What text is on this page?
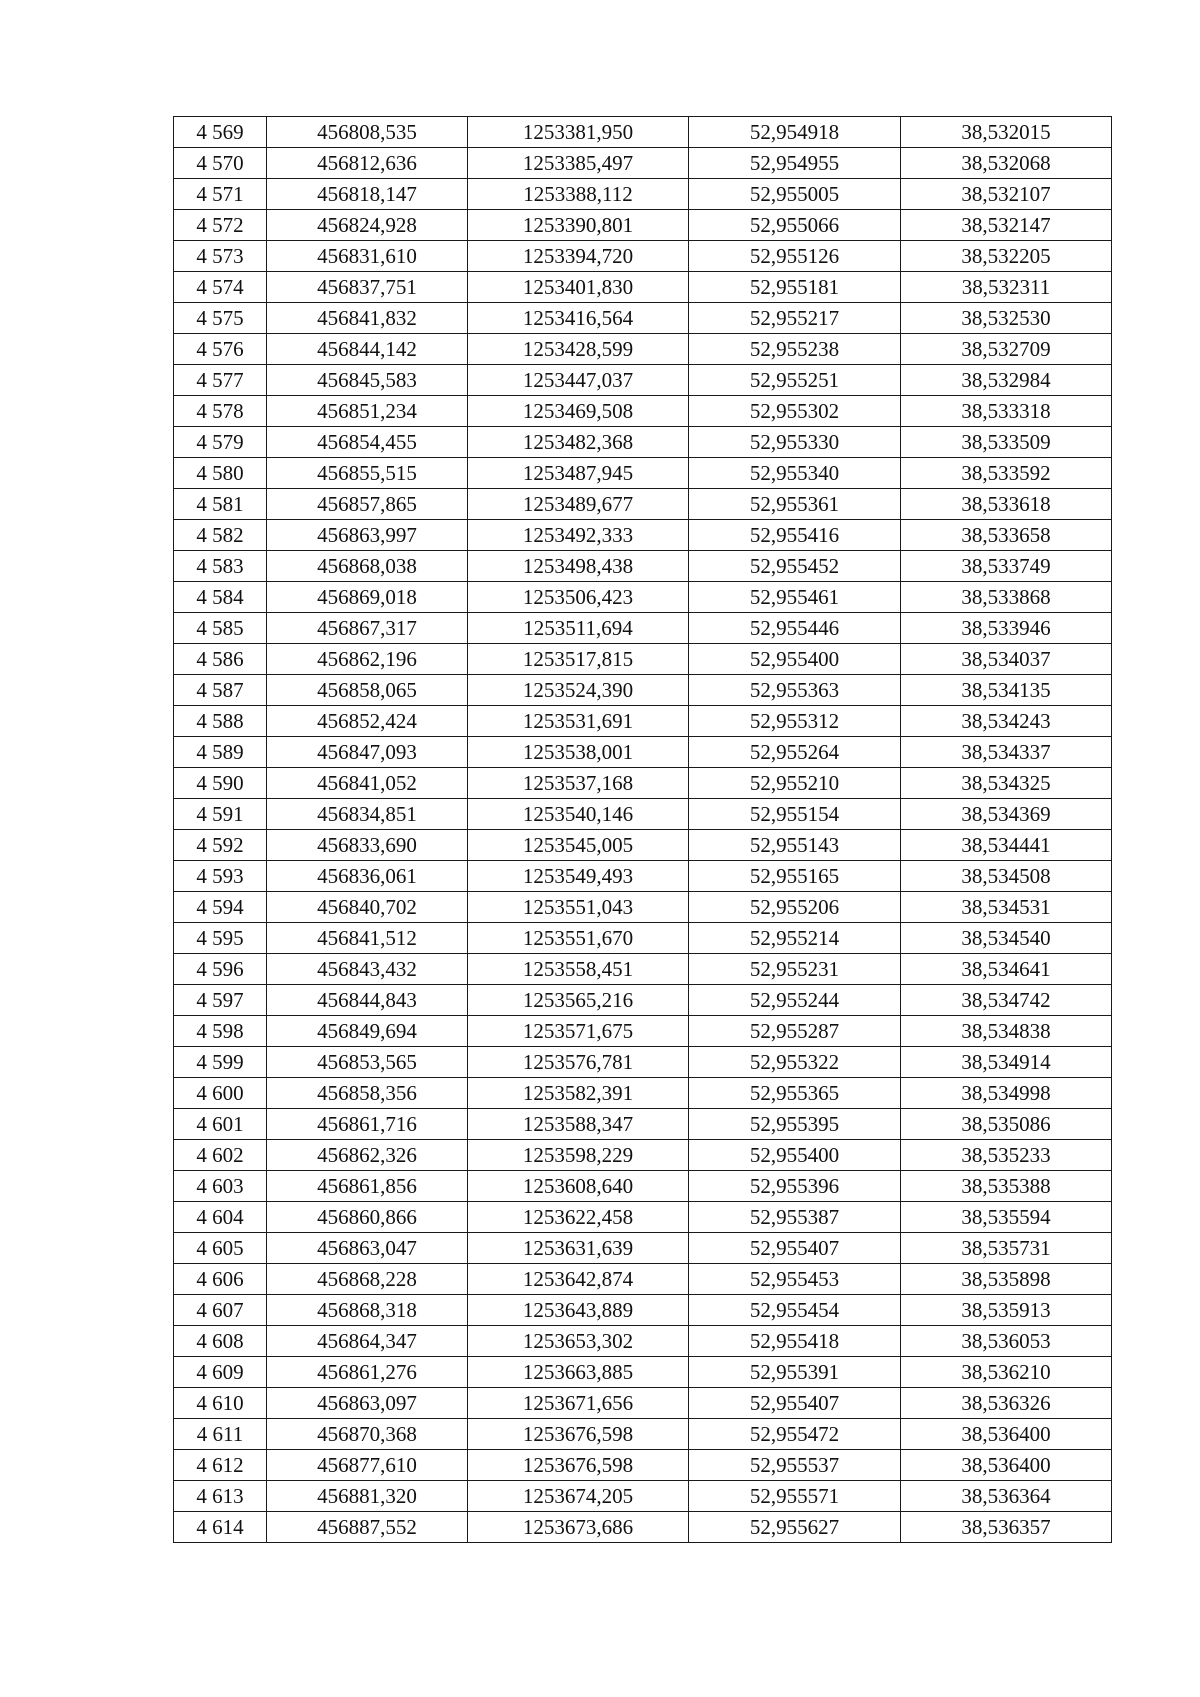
4 569	456808,535	1253381,950	52,954918	38,532015
4 570	456812,636	1253385,497	52,954955	38,532068
4 571	456818,147	1253388,112	52,955005	38,532107
4 572	456824,928	1253390,801	52,955066	38,532147
4 573	456831,610	1253394,720	52,955126	38,532205
4 574	456837,751	1253401,830	52,955181	38,532311
4 575	456841,832	1253416,564	52,955217	38,532530
4 576	456844,142	1253428,599	52,955238	38,532709
4 577	456845,583	1253447,037	52,955251	38,532984
4 578	456851,234	1253469,508	52,955302	38,533318
4 579	456854,455	1253482,368	52,955330	38,533509
4 580	456855,515	1253487,945	52,955340	38,533592
4 581	456857,865	1253489,677	52,955361	38,533618
4 582	456863,997	1253492,333	52,955416	38,533658
4 583	456868,038	1253498,438	52,955452	38,533749
4 584	456869,018	1253506,423	52,955461	38,533868
4 585	456867,317	1253511,694	52,955446	38,533946
4 586	456862,196	1253517,815	52,955400	38,534037
4 587	456858,065	1253524,390	52,955363	38,534135
4 588	456852,424	1253531,691	52,955312	38,534243
4 589	456847,093	1253538,001	52,955264	38,534337
4 590	456841,052	1253537,168	52,955210	38,534325
4 591	456834,851	1253540,146	52,955154	38,534369
4 592	456833,690	1253545,005	52,955143	38,534441
4 593	456836,061	1253549,493	52,955165	38,534508
4 594	456840,702	1253551,043	52,955206	38,534531
4 595	456841,512	1253551,670	52,955214	38,534540
4 596	456843,432	1253558,451	52,955231	38,534641
4 597	456844,843	1253565,216	52,955244	38,534742
4 598	456849,694	1253571,675	52,955287	38,534838
4 599	456853,565	1253576,781	52,955322	38,534914
4 600	456858,356	1253582,391	52,955365	38,534998
4 601	456861,716	1253588,347	52,955395	38,535086
4 602	456862,326	1253598,229	52,955400	38,535233
4 603	456861,856	1253608,640	52,955396	38,535388
4 604	456860,866	1253622,458	52,955387	38,535594
4 605	456863,047	1253631,639	52,955407	38,535731
4 606	456868,228	1253642,874	52,955453	38,535898
4 607	456868,318	1253643,889	52,955454	38,535913
4 608	456864,347	1253653,302	52,955418	38,536053
4 609	456861,276	1253663,885	52,955391	38,536210
4 610	456863,097	1253671,656	52,955407	38,536326
4 611	456870,368	1253676,598	52,955472	38,536400
4 612	456877,610	1253676,598	52,955537	38,536400
4 613	456881,320	1253674,205	52,955571	38,536364
4 614	456887,552	1253673,686	52,955627	38,536357
